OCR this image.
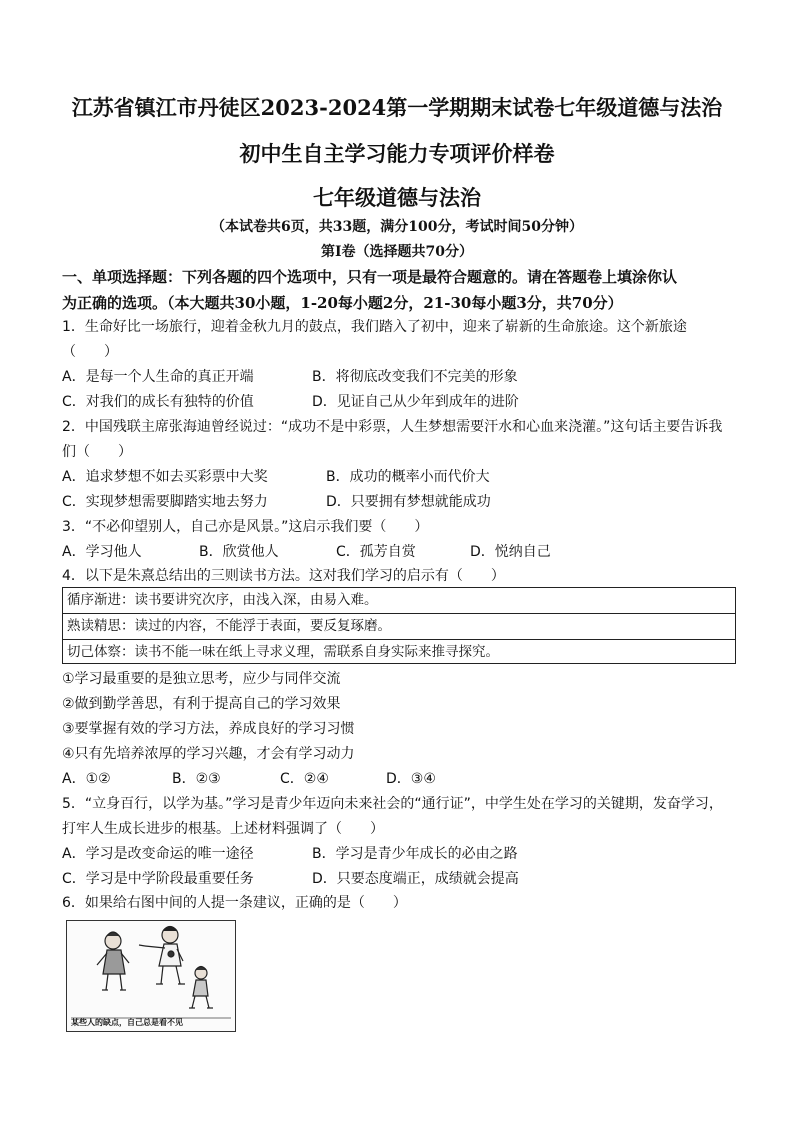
江苏省镇江市丹徒区2023-2024第一学期期末试卷七年级道德与法治
初中生自主学习能力专项评价样卷
七年级道德与法治
（本试卷共6页，共33题，满分100分，考试时间50分钟）
第Ⅰ卷（选择题共70分）
一、单项选择题：下列各题的四个选项中，只有一项是最符合题意的。请在答题卷上填涂你认
为正确的选项。（本大题共30小题，1-20每小题2分，21-30每小题3分，共70分）
1．生命好比一场旅行，迎着金秋九月的鼓点，我们踏入了初中，迎来了崭新的生命旅途。这个新旅途
（　　）
A．是每一个人生命的真正开端	B．将彻底改变我们不完美的形象
C．对我们的成长有独特的价值	D．见证自己从少年到成年的进阶
2．中国残联主席张海迪曾经说过：“成功不是中彩票，人生梦想需要汗水和心血来浇灌。”这句话主要告诉我
们（　　）
A．追求梦想不如去买彩票中大奖	B．成功的概率小而代价大
C．实现梦想需要脚踏实地去努力	D．只要拥有梦想就能成功
3．“不必仰望别人，自己亦是风景。”这启示我们要（　　）
A．学习他人	B．欣赏他人	C．孤芳自赏	D．悦纳自己
4．以下是朱熹总结出的三则读书方法。这对我们学习的启示有（　　）
循序渐进：读书要讲究次序，由浅入深，由易入难。
熟读精思：读过的内容，不能浮于表面，要反复琢磨。
切己体察：读书不能一味在纸上寻求义理，需联系自身实际来推寻探究。
①学习最重要的是独立思考，应少与同伴交流
②做到勤学善思，有利于提高自己的学习效果
③要掌握有效的学习方法，养成良好的学习习惯
④只有先培养浓厚的学习兴趣，才会有学习动力
A．①②	B．②③	C．②④	D．③④
5．“立身百行，以学为基。”学习是青少年迈向未来社会的“通行证”，中学生处在学习的关键期，发奋学习，
打牢人生成长进步的根基。上述材料强调了（　　）
A．学习是改变命运的唯一途径	B．学习是青少年成长的必由之路
C．学习是中学阶段最重要任务	D．只要态度端正，成绩就会提高
6．如果给右图中间的人提一条建议，正确的是（　　）
某些人的缺点，自己总是看不见
